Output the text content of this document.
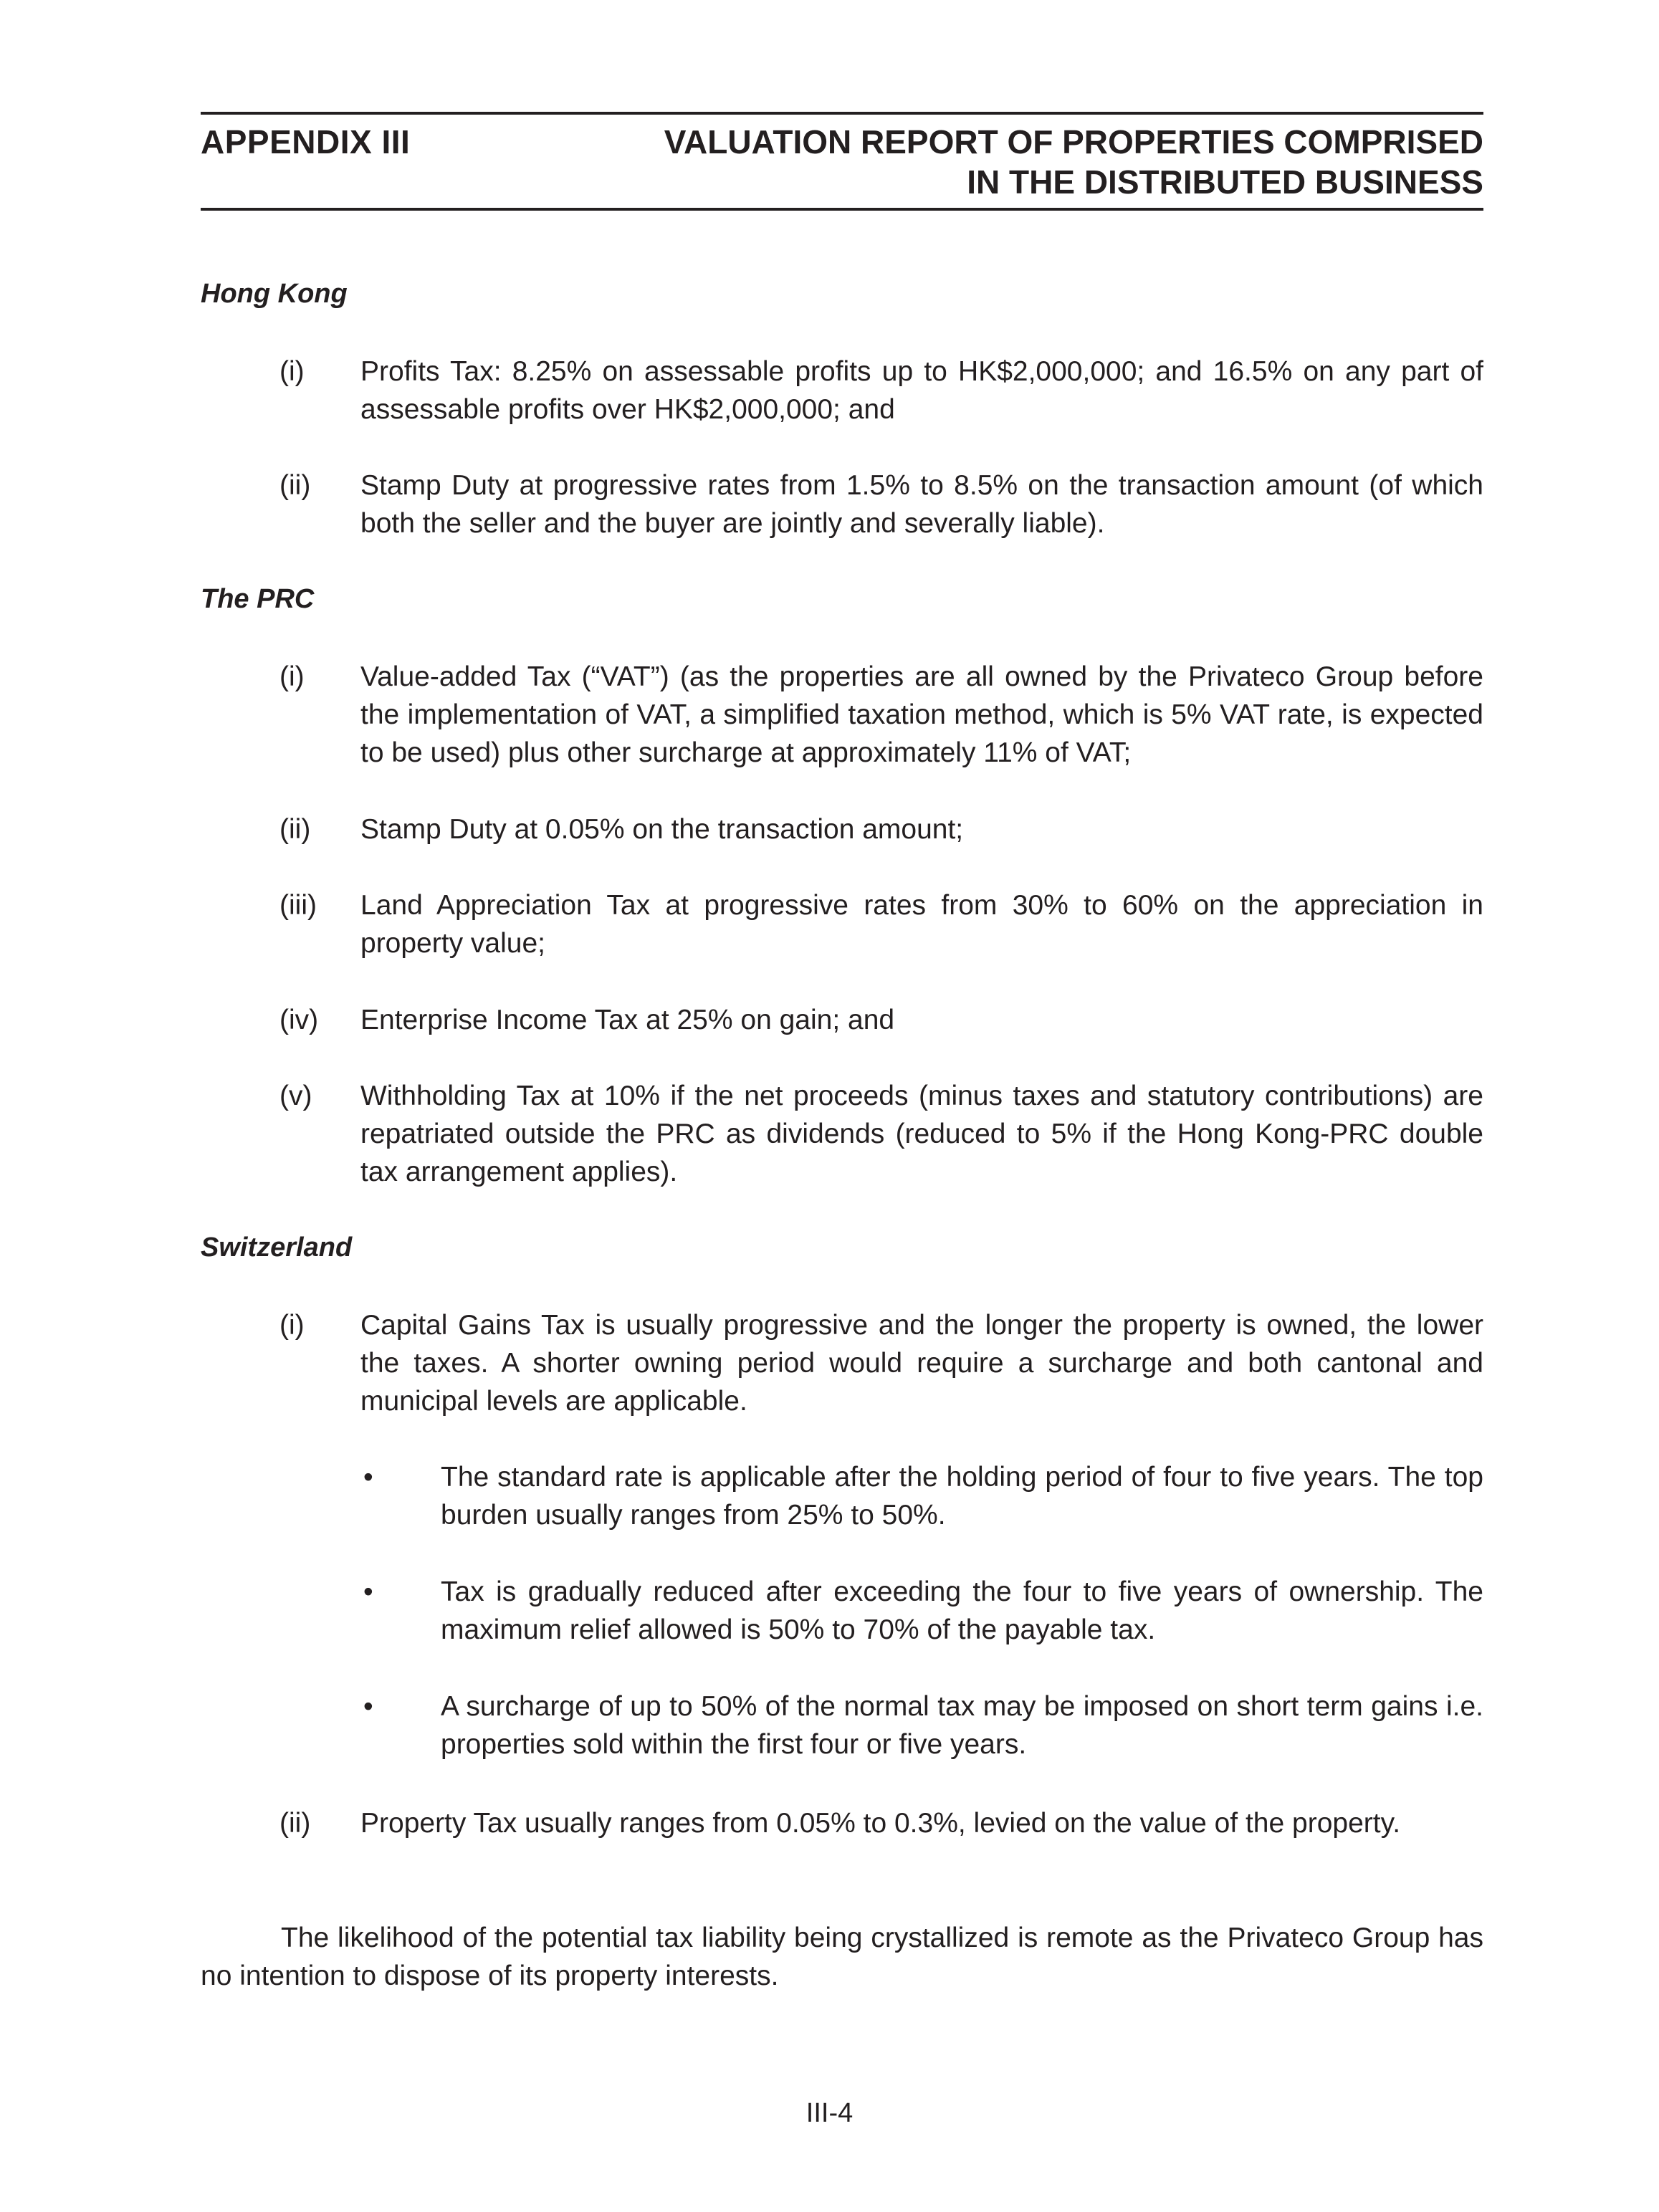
APPENDIX III	VALUATION REPORT OF PROPERTIES COMPRISED
IN THE DISTRIBUTED BUSINESS
Hong Kong
(i) Profits Tax: 8.25% on assessable profits up to HK$2,000,000; and 16.5% on any part of assessable profits over HK$2,000,000; and
(ii) Stamp Duty at progressive rates from 1.5% to 8.5% on the transaction amount (of which both the seller and the buyer are jointly and severally liable).
The PRC
(i) Value-added Tax (“VAT”) (as the properties are all owned by the Privateco Group before the implementation of VAT, a simplified taxation method, which is 5% VAT rate, is expected to be used) plus other surcharge at approximately 11% of VAT;
(ii) Stamp Duty at 0.05% on the transaction amount;
(iii) Land Appreciation Tax at progressive rates from 30% to 60% on the appreciation in property value;
(iv) Enterprise Income Tax at 25% on gain; and
(v) Withholding Tax at 10% if the net proceeds (minus taxes and statutory contributions) are repatriated outside the PRC as dividends (reduced to 5% if the Hong Kong-PRC double tax arrangement applies).
Switzerland
(i) Capital Gains Tax is usually progressive and the longer the property is owned, the lower the taxes. A shorter owning period would require a surcharge and both cantonal and municipal levels are applicable.
• The standard rate is applicable after the holding period of four to five years. The top burden usually ranges from 25% to 50%.
• Tax is gradually reduced after exceeding the four to five years of ownership. The maximum relief allowed is 50% to 70% of the payable tax.
• A surcharge of up to 50% of the normal tax may be imposed on short term gains i.e. properties sold within the first four or five years.
(ii) Property Tax usually ranges from 0.05% to 0.3%, levied on the value of the property.
The likelihood of the potential tax liability being crystallized is remote as the Privateco Group has no intention to dispose of its property interests.
III-4
